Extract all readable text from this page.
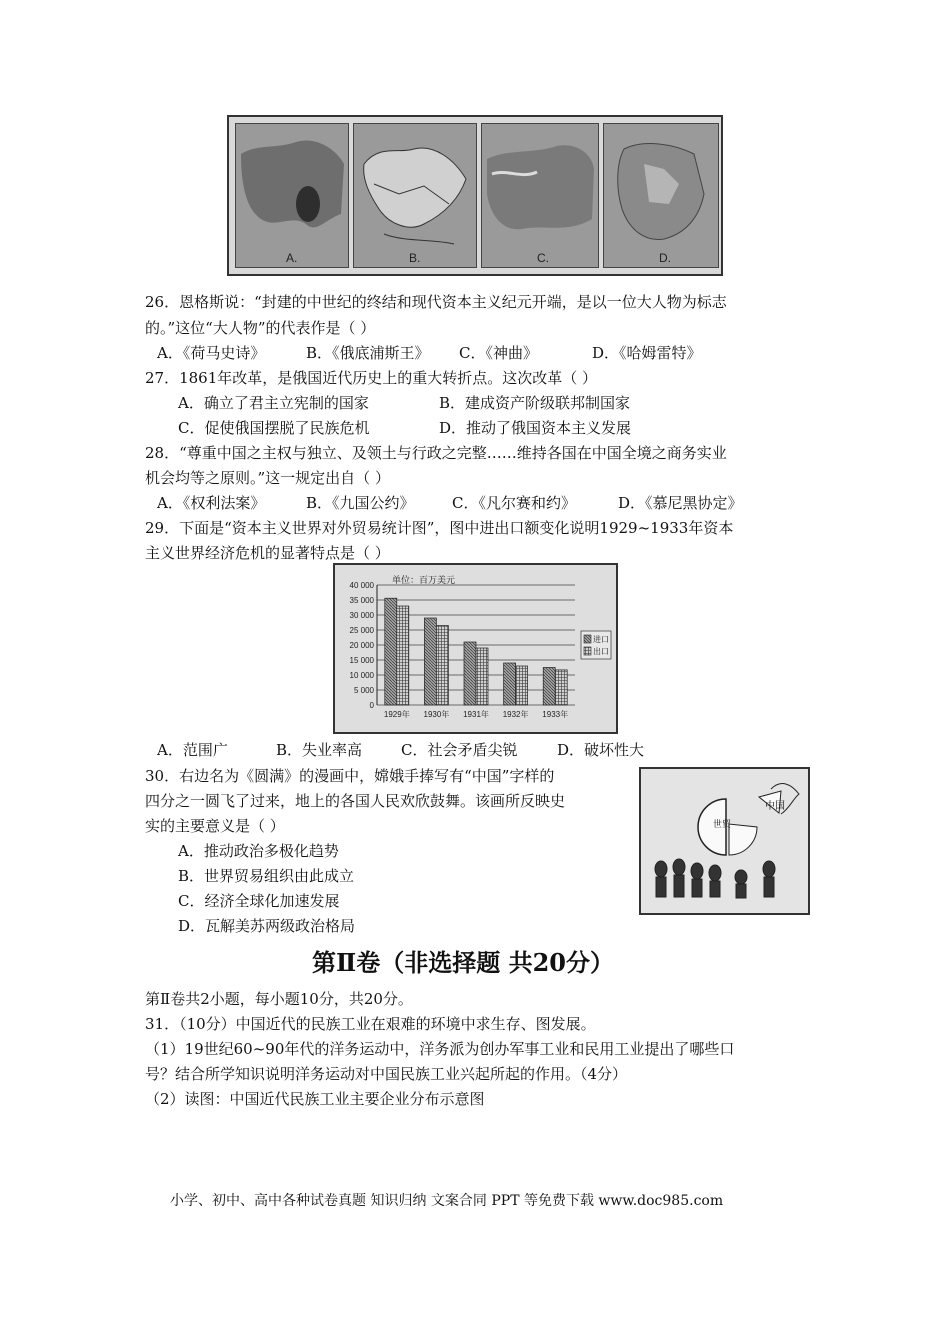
A.	B.	C.	D.
26．恩格斯说：“封建的中世纪的终结和现代资本主义纪元开端，是以一位大人物为标志
的。”这位“大人物”的代表作是（ ）
A．《荷马史诗》	B．《俄底浦斯王》 C．《神曲》	D．《哈姆雷特》
27．1861年改革，是俄国近代历史上的重大转折点。这次改革（ ）
A．确立了君主立宪制的国家	B．建成资产阶级联邦制国家
C．促使俄国摆脱了民族危机	D．推动了俄国资本主义发展
28．“尊重中国之主权与独立、及领土与行政之完整……维持各国在中国全境之商务实业
机会均等之原则。”这一规定出自（ ）
A．《权利法案》	B．《九国公约》 C．《凡尔赛和约》	D．《慕尼黑协定》
29．下面是“资本主义世界对外贸易统计图”，图中进出口额变化说明1929~1933年资本
主义世界经济危机的显著特点是（ ）
单位：百万美元
40 000
35 000
30 000
25 000
20 000
15 000
10 000
5 000
0
1929年 1930年 1931年 1932年 1933年
进口
出口
A．范围广	B．失业率高	C．社会矛盾尖锐	D．破坏性大
30．右边名为《圆满》的漫画中，嫦娥手捧写有“中国”字样的
四分之一圆飞了过来，地上的各国人民欢欣鼓舞。该画所反映史
实的主要意义是（ ）
A．推动政治多极化趋势
B．世界贸易组织由此成立
C．经济全球化加速发展
D．瓦解美苏两级政治格局
中国
世贸
第Ⅱ卷（非选择题 共20分）
第Ⅱ卷共2小题，每小题10分，共20分。
31．（10分）中国近代的民族工业在艰难的环境中求生存、图发展。
（1）19世纪60~90年代的洋务运动中，洋务派为创办军事工业和民用工业提出了哪些口
号？结合所学知识说明洋务运动对中国民族工业兴起所起的作用。（4分）
（2）读图：中国近代民族工业主要企业分布示意图
小学、初中、高中各种试卷真题 知识归纳 文案合同 PPT 等免费下载 www.doc985.com
